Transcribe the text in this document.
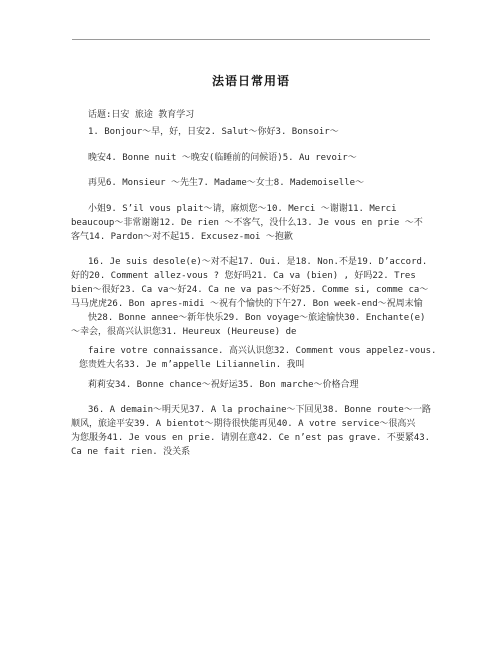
法语日常用语
话题:日安 旅途 教育学习
1. Bonjour～早，好，日安2. Salut～你好3. Bonsoir～
晚安4. Bonne nuit ～晚安(临睡前的问候语)5. Au revoir～
再见6. Monsieur ～先生7. Madame～女士8. Mademoiselle～
小姐9. S’il vous plait～请，麻烦您～10. Merci ～谢谢11. Merci
beaucoup～非常谢谢12. De rien ～不客气，没什么13. Je vous en prie ～不
客气14. Pardon～对不起15. Excusez-moi ～抱歉
16. Je suis desole(e)～对不起17. Oui. 是18. Non.不是19. D’accord.
好的20. Comment allez-vous ? 您好吗21. Ca va (bien) , 好吗22. Tres
bien～很好23. Ca va～好24. Ca ne va pas～不好25. Comme si, comme ca～
马马虎虎26. Bon apres-midi ～祝有个愉快的下午27. Bon week-end～祝周末愉
快28. Bonne annee～新年快乐29. Bon voyage～旅途愉快30. Enchante(e)
～幸会，很高兴认识您31. Heureux (Heureuse) de
faire votre connaissance. 高兴认识您32. Comment vous appelez-vous.
您贵姓大名33. Je m’appelle Liliannelin. 我叫
莉莉安34. Bonne chance～祝好运35. Bon marche～价格合理
36. A demain～明天见37. A la prochaine～下回见38. Bonne route～一路
顺风，旅途平安39. A bientot～期待很快能再见40. A votre service～很高兴
为您服务41. Je vous en prie. 请别在意42. Ce n’est pas grave. 不要紧43.
Ca ne fait rien. 没关系
